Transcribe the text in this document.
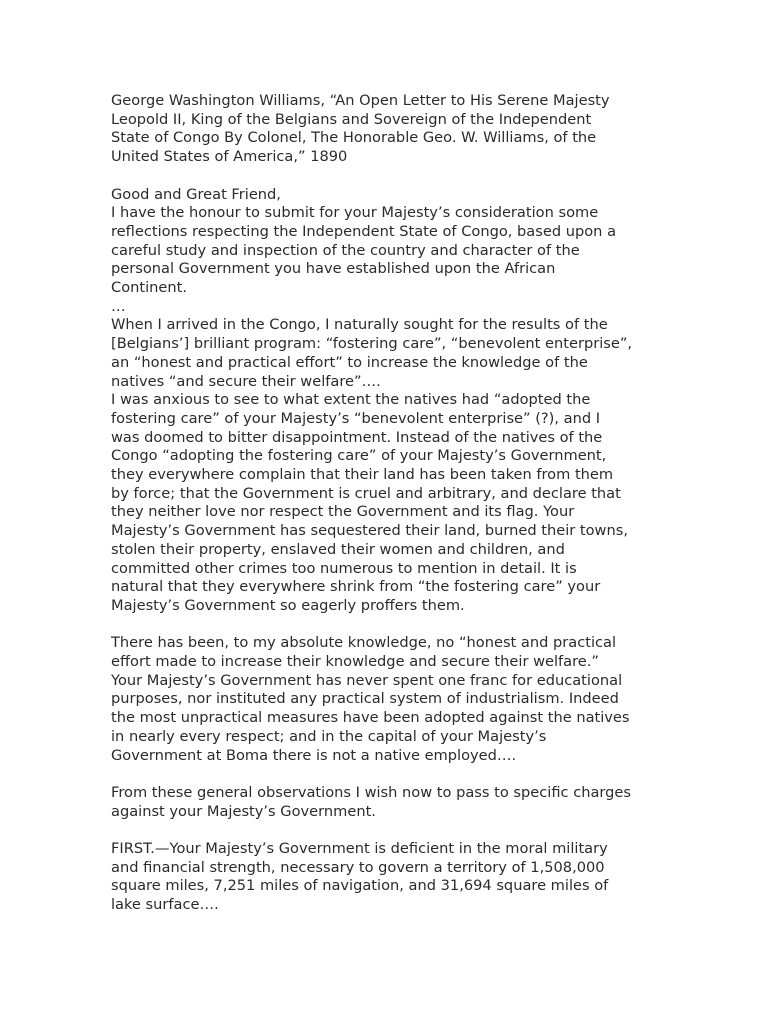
George Washington Williams, “An Open Letter to His Serene Majesty
Leopold II, King of the Belgians and Sovereign of the Independent
State of Congo By Colonel, The Honorable Geo. W. Williams, of the
United States of America,” 1890
Good and Great Friend,
I have the honour to submit for your Majesty’s consideration some
reflections respecting the Independent State of Congo, based upon a
careful study and inspection of the country and character of the
personal Government you have established upon the African
Continent.
…
When I arrived in the Congo, I naturally sought for the results of the
[Belgians’] brilliant program: “fostering care”, “benevolent enterprise”,
an “honest and practical effort” to increase the knowledge of the
natives “and secure their welfare”….
I was anxious to see to what extent the natives had “adopted the
fostering care” of your Majesty’s “benevolent enterprise” (?), and I
was doomed to bitter disappointment. Instead of the natives of the
Congo “adopting the fostering care” of your Majesty’s Government,
they everywhere complain that their land has been taken from them
by force; that the Government is cruel and arbitrary, and declare that
they neither love nor respect the Government and its flag. Your
Majesty’s Government has sequestered their land, burned their towns,
stolen their property, enslaved their women and children, and
committed other crimes too numerous to mention in detail. It is
natural that they everywhere shrink from “the fostering care” your
Majesty’s Government so eagerly proffers them.
There has been, to my absolute knowledge, no “honest and practical
effort made to increase their knowledge and secure their welfare.”
Your Majesty’s Government has never spent one franc for educational
purposes, nor instituted any practical system of industrialism. Indeed
the most unpractical measures have been adopted against the natives
in nearly every respect; and in the capital of your Majesty’s
Government at Boma there is not a native employed….
From these general observations I wish now to pass to specific charges
against your Majesty’s Government.
FIRST.—Your Majesty’s Government is deficient in the moral military
and financial strength, necessary to govern a territory of 1,508,000
square miles, 7,251 miles of navigation, and 31,694 square miles of
lake surface….
